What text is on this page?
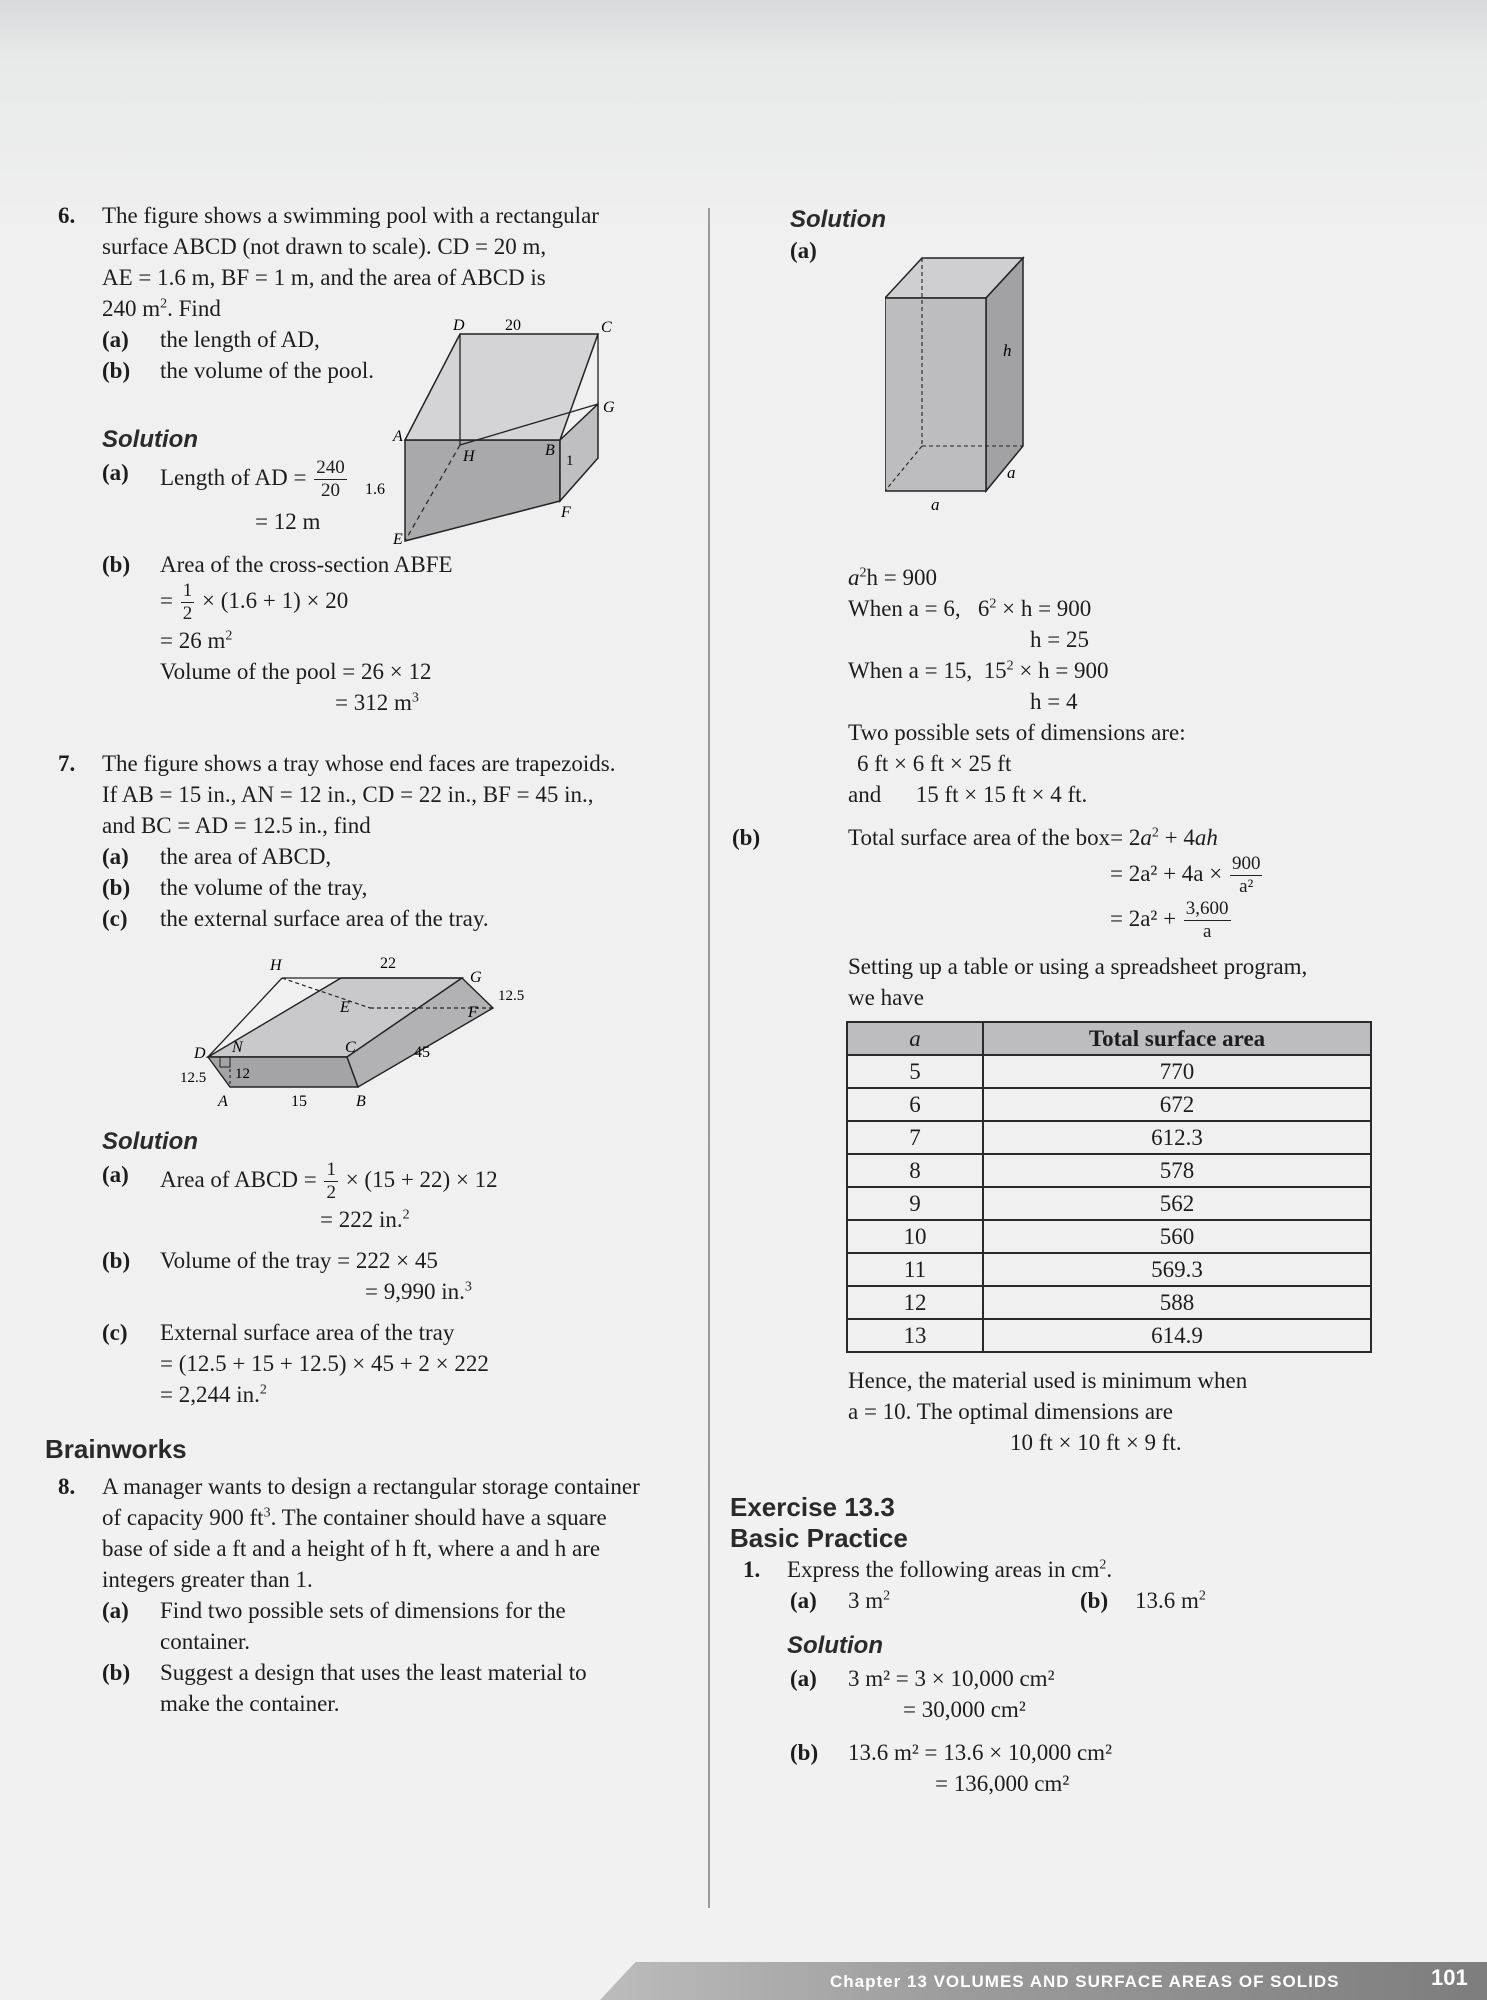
6. The figure shows a swimming pool with a rectangular
surface ABCD (not drawn to scale). CD = 20 m,
AE = 1.6 m, BF = 1 m, and the area of ABCD is
240 $m^2$. Find
(a) the length of AD,
(b) the volume of the pool.
20
D	C
A
H	B
G
1
1.6
E
F
Solution
(a) Length of AD = $\frac{240}{20}$
= 12 m
(b) Area of the cross-section ABFE
= $\frac{1}{2} \times (1.6 + 1) \times 20$
= 26 $m^2$
Volume of the pool = 26 × 12
= 312 $m^3$
7. The figure shows a tray whose end faces are trapezoids.
If AB = 15 in., AN = 12 in., CD = 22 in., BF = 45 in.,
and BC = AD = 12.5 in., find
(a) the area of ABCD,
(b) the volume of the tray,
(c) the external surface area of the tray.
22
H
G
12.5
E	F
D N	C	45
12.5 12
A	15	B
Solution
(a) Area of ABCD = $\frac{1}{2} \times (15 + 22) \times 12$
= 222 in.$^2$
(b) Volume of the tray = 222 × 45
= 9,990 in.$^3$
(c) External surface area of the tray
= (12.5 + 15 + 12.5) × 45 + 2 × 222
= 2,244 in.$^2$
Brainworks
8. A manager wants to design a rectangular storage container
of capacity 900 $ft^3$. The container should have a square
base of side a ft and a height of h ft, where a and h are
integers greater than 1.
(a) Find two possible sets of dimensions for the
container.
(b) Suggest a design that uses the least material to
make the container.
Solution
(a)
h
a
a
$a^2h = 900$
When a = 6,   $6^2 \times h = 900$
h = 25
When a = 15,  $15^2 \times h = 900$
h = 4
Two possible sets of dimensions are:
6 ft × 6 ft × 25 ft
and 15 ft × 15 ft × 4 ft.
(b)	Total surface area of the $box= 2a^2 + 4ah$
= $2a^2 + 4a \times \frac{900}{\text{a²}}$
= $2a^2 + \frac{3,600}{a}$
Setting up a table or using a spreadsheet program,
we have
a	Total surface area
5	770
6	672
7	612.3
8	578
9	562
10	560
11	569.3
12	588
13	614.9
Hence, the material used is minimum when
a = 10. The optimal dimensions are
10 ft × 10 ft × 9 ft.
Exercise 13.3
Basic Practice
1. Express the following areas in $cm^2$.
(a) 3 $m^2$	(b) 13.6 $m^2$
Solution
(a) 3 m² = 3 × 10,000 cm²
= 30,000 cm²
(b) 13.6 m² = 13.6 × 10,000 cm²
= 136,000 cm²
Chapter 13 VOLUMES AND SURFACE AREAS OF SOLIDS	101
